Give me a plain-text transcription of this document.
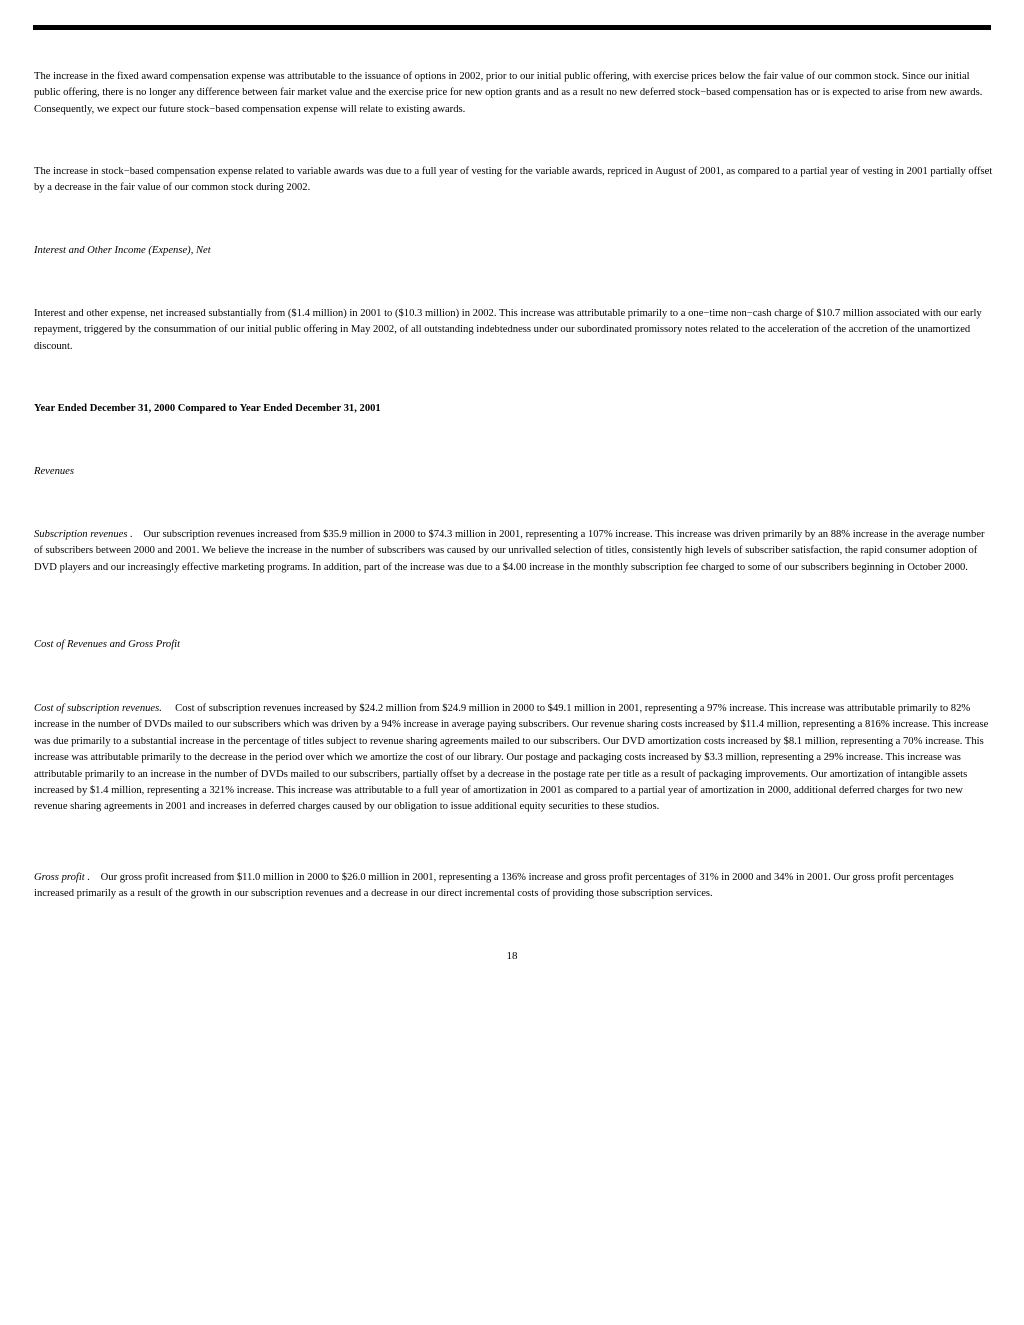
The increase in the fixed award compensation expense was attributable to the issuance of options in 2002, prior to our initial public offering, with exercise prices below the fair value of our common stock. Since our initial public offering, there is no longer any difference between fair market value and the exercise price for new option grants and as a result no new deferred stock−based compensation has or is expected to arise from new awards. Consequently, we expect our future stock−based compensation expense will relate to existing awards.

The increase in stock−based compensation expense related to variable awards was due to a full year of vesting for the variable awards, repriced in August of 2001, as compared to a partial year of vesting in 2001 partially offset by a decrease in the fair value of our common stock during 2002.

Interest and Other Income (Expense), Net

Interest and other expense, net increased substantially from ($1.4 million) in 2001 to ($10.3 million) in 2002. This increase was attributable primarily to a one−time non−cash charge of $10.7 million associated with our early repayment, triggered by the consummation of our initial public offering in May 2002, of all outstanding indebtedness under our subordinated promissory notes related to the acceleration of the accretion of the unamortized discount.

Year Ended December 31, 2000 Compared to Year Ended December 31, 2001

Revenues

Subscription revenues . Our subscription revenues increased from $35.9 million in 2000 to $74.3 million in 2001, representing a 107% increase. This increase was driven primarily by an 88% increase in the average number of subscribers between 2000 and 2001. We believe the increase in the number of subscribers was caused by our unrivalled selection of titles, consistently high levels of subscriber satisfaction, the rapid consumer adoption of DVD players and our increasingly effective marketing programs. In addition, part of the increase was due to a $4.00 increase in the monthly subscription fee charged to some of our subscribers beginning in October 2000.

Cost of Revenues and Gross Profit

Cost of subscription revenues. Cost of subscription revenues increased by $24.2 million from $24.9 million in 2000 to $49.1 million in 2001, representing a 97% increase. This increase was attributable primarily to 82% increase in the number of DVDs mailed to our subscribers which was driven by a 94% increase in average paying subscribers. Our revenue sharing costs increased by $11.4 million, representing a 816% increase. This increase was due primarily to a substantial increase in the percentage of titles subject to revenue sharing agreements mailed to our subscribers. Our DVD amortization costs increased by $8.1 million, representing a 70% increase. This increase was attributable primarily to the decrease in the period over which we amortize the cost of our library. Our postage and packaging costs increased by $3.3 million, representing a 29% increase. This increase was attributable primarily to an increase in the number of DVDs mailed to our subscribers, partially offset by a decrease in the postage rate per title as a result of packaging improvements. Our amortization of intangible assets increased by $1.4 million, representing a 321% increase. This increase was attributable to a full year of amortization in 2001 as compared to a partial year of amortization in 2000, additional deferred charges for two new revenue sharing agreements in 2001 and increases in deferred charges caused by our obligation to issue additional equity securities to these studios.

Gross profit . Our gross profit increased from $11.0 million in 2000 to $26.0 million in 2001, representing a 136% increase and gross profit percentages of 31% in 2000 and 34% in 2001. Our gross profit percentages increased primarily as a result of the growth in our subscription revenues and a decrease in our direct incremental costs of providing those subscription services.

18
